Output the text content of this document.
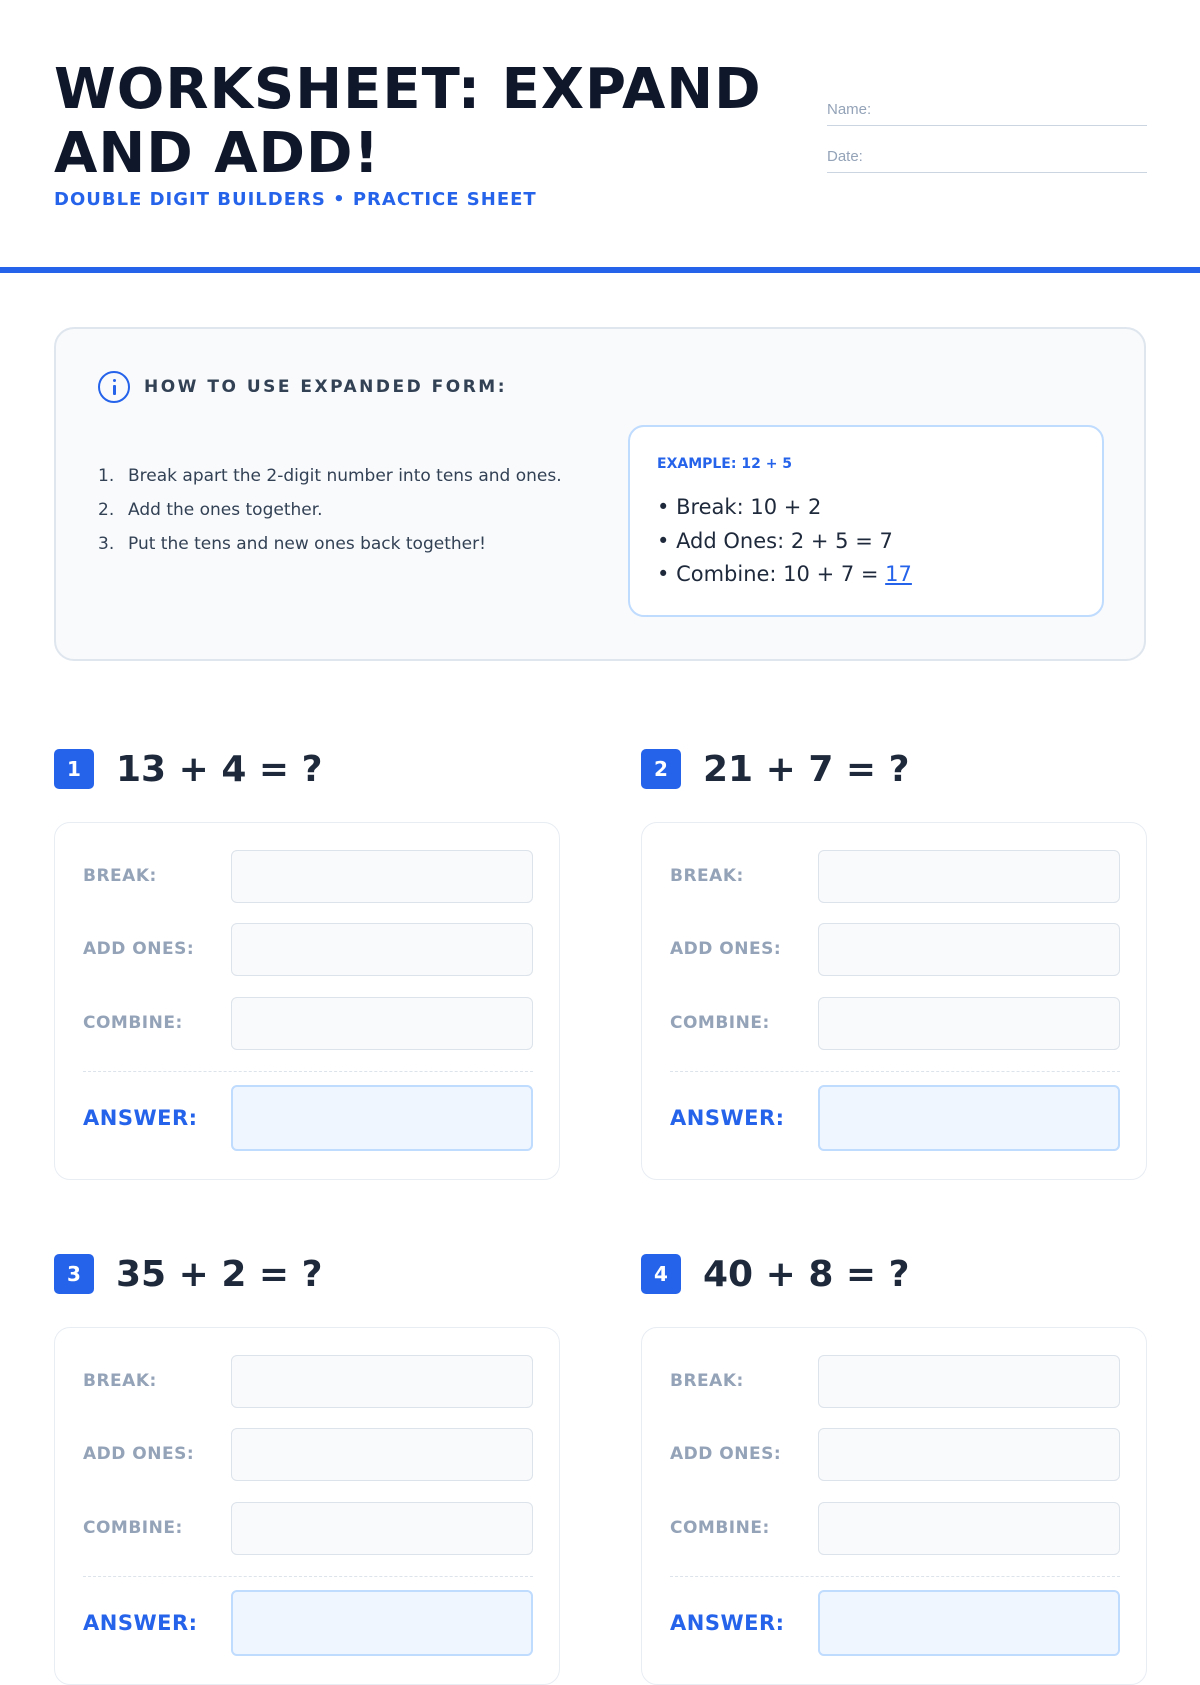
WORKSHEET: EXPAND AND ADD!
DOUBLE DIGIT BUILDERS • PRACTICE SHEET
Name:
Date:
HOW TO USE EXPANDED FORM:
1. Break apart the 2-digit number into tens and ones.
2. Add the ones together.
3. Put the tens and new ones back together!
EXAMPLE: 12 + 5
• Break: 10 + 2
• Add Ones: 2 + 5 = 7
• Combine: 10 + 7 = 17
1 13 + 4 = ?
BREAK:
ADD ONES:
COMBINE:
ANSWER:
2 21 + 7 = ?
BREAK:
ADD ONES:
COMBINE:
ANSWER:
3 35 + 2 = ?
BREAK:
ADD ONES:
COMBINE:
ANSWER:
4 40 + 8 = ?
BREAK:
ADD ONES:
COMBINE:
ANSWER:
